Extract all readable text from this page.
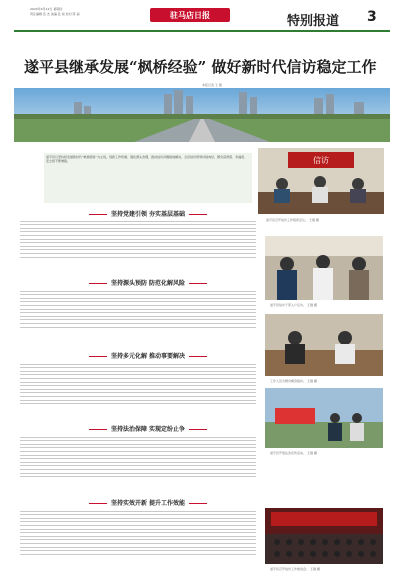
2024年9月12日 星期四
责任编辑 张 杰 美编 张 斌 校对 陈 丽	驻马店日报	特别报道 3
遂平县继承发展“枫桥经验” 做好新时代信访稳定工作
本报记者 王 刚
遂平县以坚持和发展新时代“枫桥经验”为主线，创新工作机制，强化源头治理，推动信访问题就地解决，全县信访形势持续向好，群众获得感、幸福感、安全感不断增强。	信访
遂平县召开信访工作联席会议。 王刚 摄
坚持党建引领 夯实基层基础
坚持源头预防 防范化解风险
遂平县信访干部入户走访。 王刚 摄
坚持多元化解 推动事要解决
工作人员为群众解答疑问。 王刚 摄
坚持法治保障 实现定纷止争
遂平县开展法治宣传活动。 王刚 摄
坚持实效开新 提升工作效能
遂平县召开信访工作推进会。 王刚 摄
